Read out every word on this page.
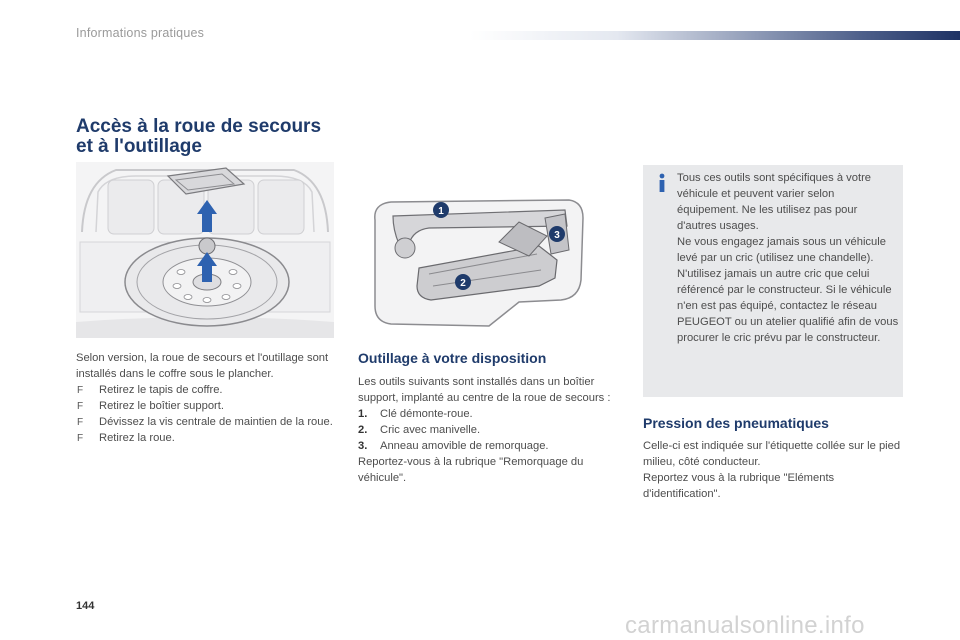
Informations pratiques
Accès à la roue de secours
et à l'outillage
1
2
3
Selon version, la roue de secours et l'outillage sont installés dans le coffre sous le plancher.
F Retirez le tapis de coffre.
F Retirez le boîtier support.
F Dévissez la vis centrale de maintien de la roue.
F Retirez la roue.
Outillage à votre disposition
Les outils suivants sont installés dans un boîtier support, implanté au centre de la roue de secours :
1. Clé démonte-roue.
2. Cric avec manivelle.
3. Anneau amovible de remorquage.
Reportez-vous à la rubrique "Remorquage du véhicule".
Tous ces outils sont spécifiques à votre véhicule et peuvent varier selon équipement. Ne les utilisez pas pour d'autres usages.
Ne vous engagez jamais sous un véhicule levé par un cric (utilisez une chandelle).
N'utilisez jamais un autre cric que celui référencé par le constructeur. Si le véhicule n'en est pas équipé, contactez le réseau PEUGEOT ou un atelier qualifié afin de vous procurer le cric prévu par le constructeur.
Pression des pneumatiques
Celle-ci est indiquée sur l'étiquette collée sur le pied milieu, côté conducteur.
Reportez vous à la rubrique "Eléments d'identification".
144
carmanualsonline.info
